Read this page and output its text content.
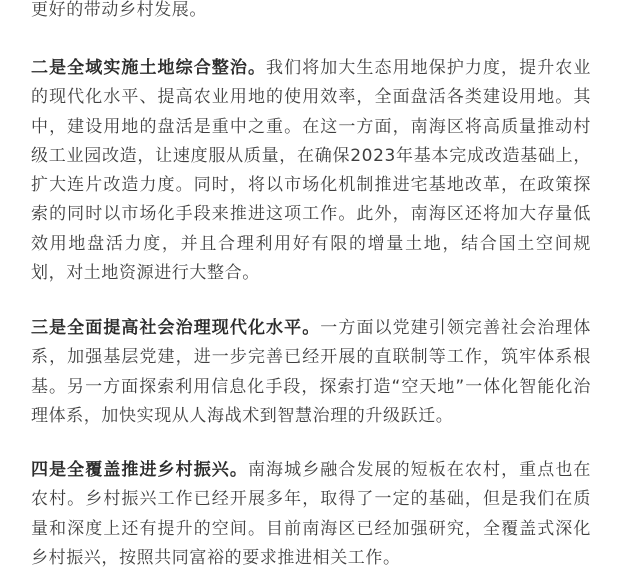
更好的带动乡村发展。

二是全域实施土地综合整治。我们将加大生态用地保护力度，提升农业的现代化水平、提高农业用地的使用效率，全面盘活各类建设用地。其中，建设用地的盘活是重中之重。在这一方面，南海区将高质量推动村级工业园改造，让速度服从质量，在确保2023年基本完成改造基础上，扩大连片改造力度。同时，将以市场化机制推进宅基地改革，在政策探索的同时以市场化手段来推进这项工作。此外，南海区还将加大存量低效用地盘活力度，并且合理利用好有限的增量土地，结合国土空间规划，对土地资源进行大整合。

三是全面提高社会治理现代化水平。一方面以党建引领完善社会治理体系，加强基层党建，进一步完善已经开展的直联制等工作，筑牢体系根基。另一方面探索利用信息化手段，探索打造“空天地”一体化智能化治理体系，加快实现从人海战术到智慧治理的升级跃迁。

四是全覆盖推进乡村振兴。南海城乡融合发展的短板在农村，重点也在农村。乡村振兴工作已经开展多年，取得了一定的基础，但是我们在质量和深度上还有提升的空间。目前南海区已经加强研究，全覆盖式深化乡村振兴，按照共同富裕的要求推进相关工作。
